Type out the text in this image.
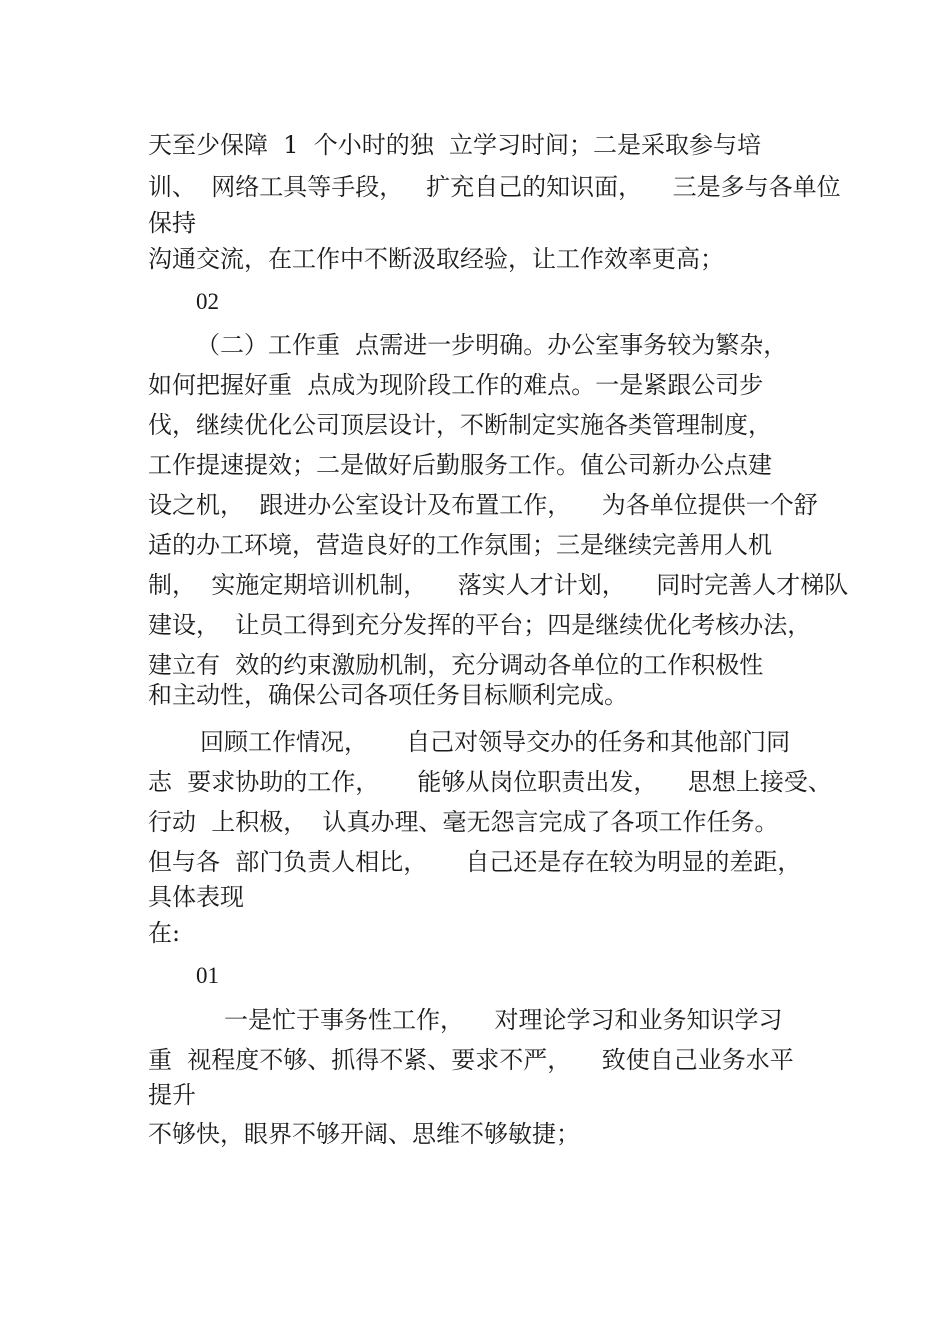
天至少保障  1  个小时的独  立学习时间；二是采取参与培
训、  网络工具等手段，   扩充自己的知识面，    三是多与各单位
保持
沟通交流，在工作中不断汲取经验，让工作效率更高；
02
（二）工作重  点需进一步明确。办公室事务较为繁杂，
如何把握好重  点成为现阶段工作的难点。一是紧跟公司步
伐，继续优化公司顶层设计，不断制定实施各类管理制度，
工作提速提效；二是做好后勤服务工作。值公司新办公点建
设之机，  跟进办公室设计及布置工作，    为各单位提供一个舒
适的办工环境，营造良好的工作氛围；三是继续完善用人机
制，  实施定期培训机制，    落实人才计划，    同时完善人才梯队
建设，  让员工得到充分发挥的平台；四是继续优化考核办法，
建立有  效的约束激励机制，充分调动各单位的工作积极性
和主动性，确保公司各项任务目标顺利完成。
回顾工作情况，     自己对领导交办的任务和其他部门同
志  要求协助的工作，     能够从岗位职责出发，    思想上接受、
行动  上积极，  认真办理、毫无怨言完成了各项工作任务。
但与各  部门负责人相比，     自己还是存在较为明显的差距，
具体表现
在:
01
一是忙于事务性工作，    对理论学习和业务知识学习
重  视程度不够、抓得不紧、要求不严，    致使自己业务水平
提升
不够快，眼界不够开阔、思维不够敏捷；
